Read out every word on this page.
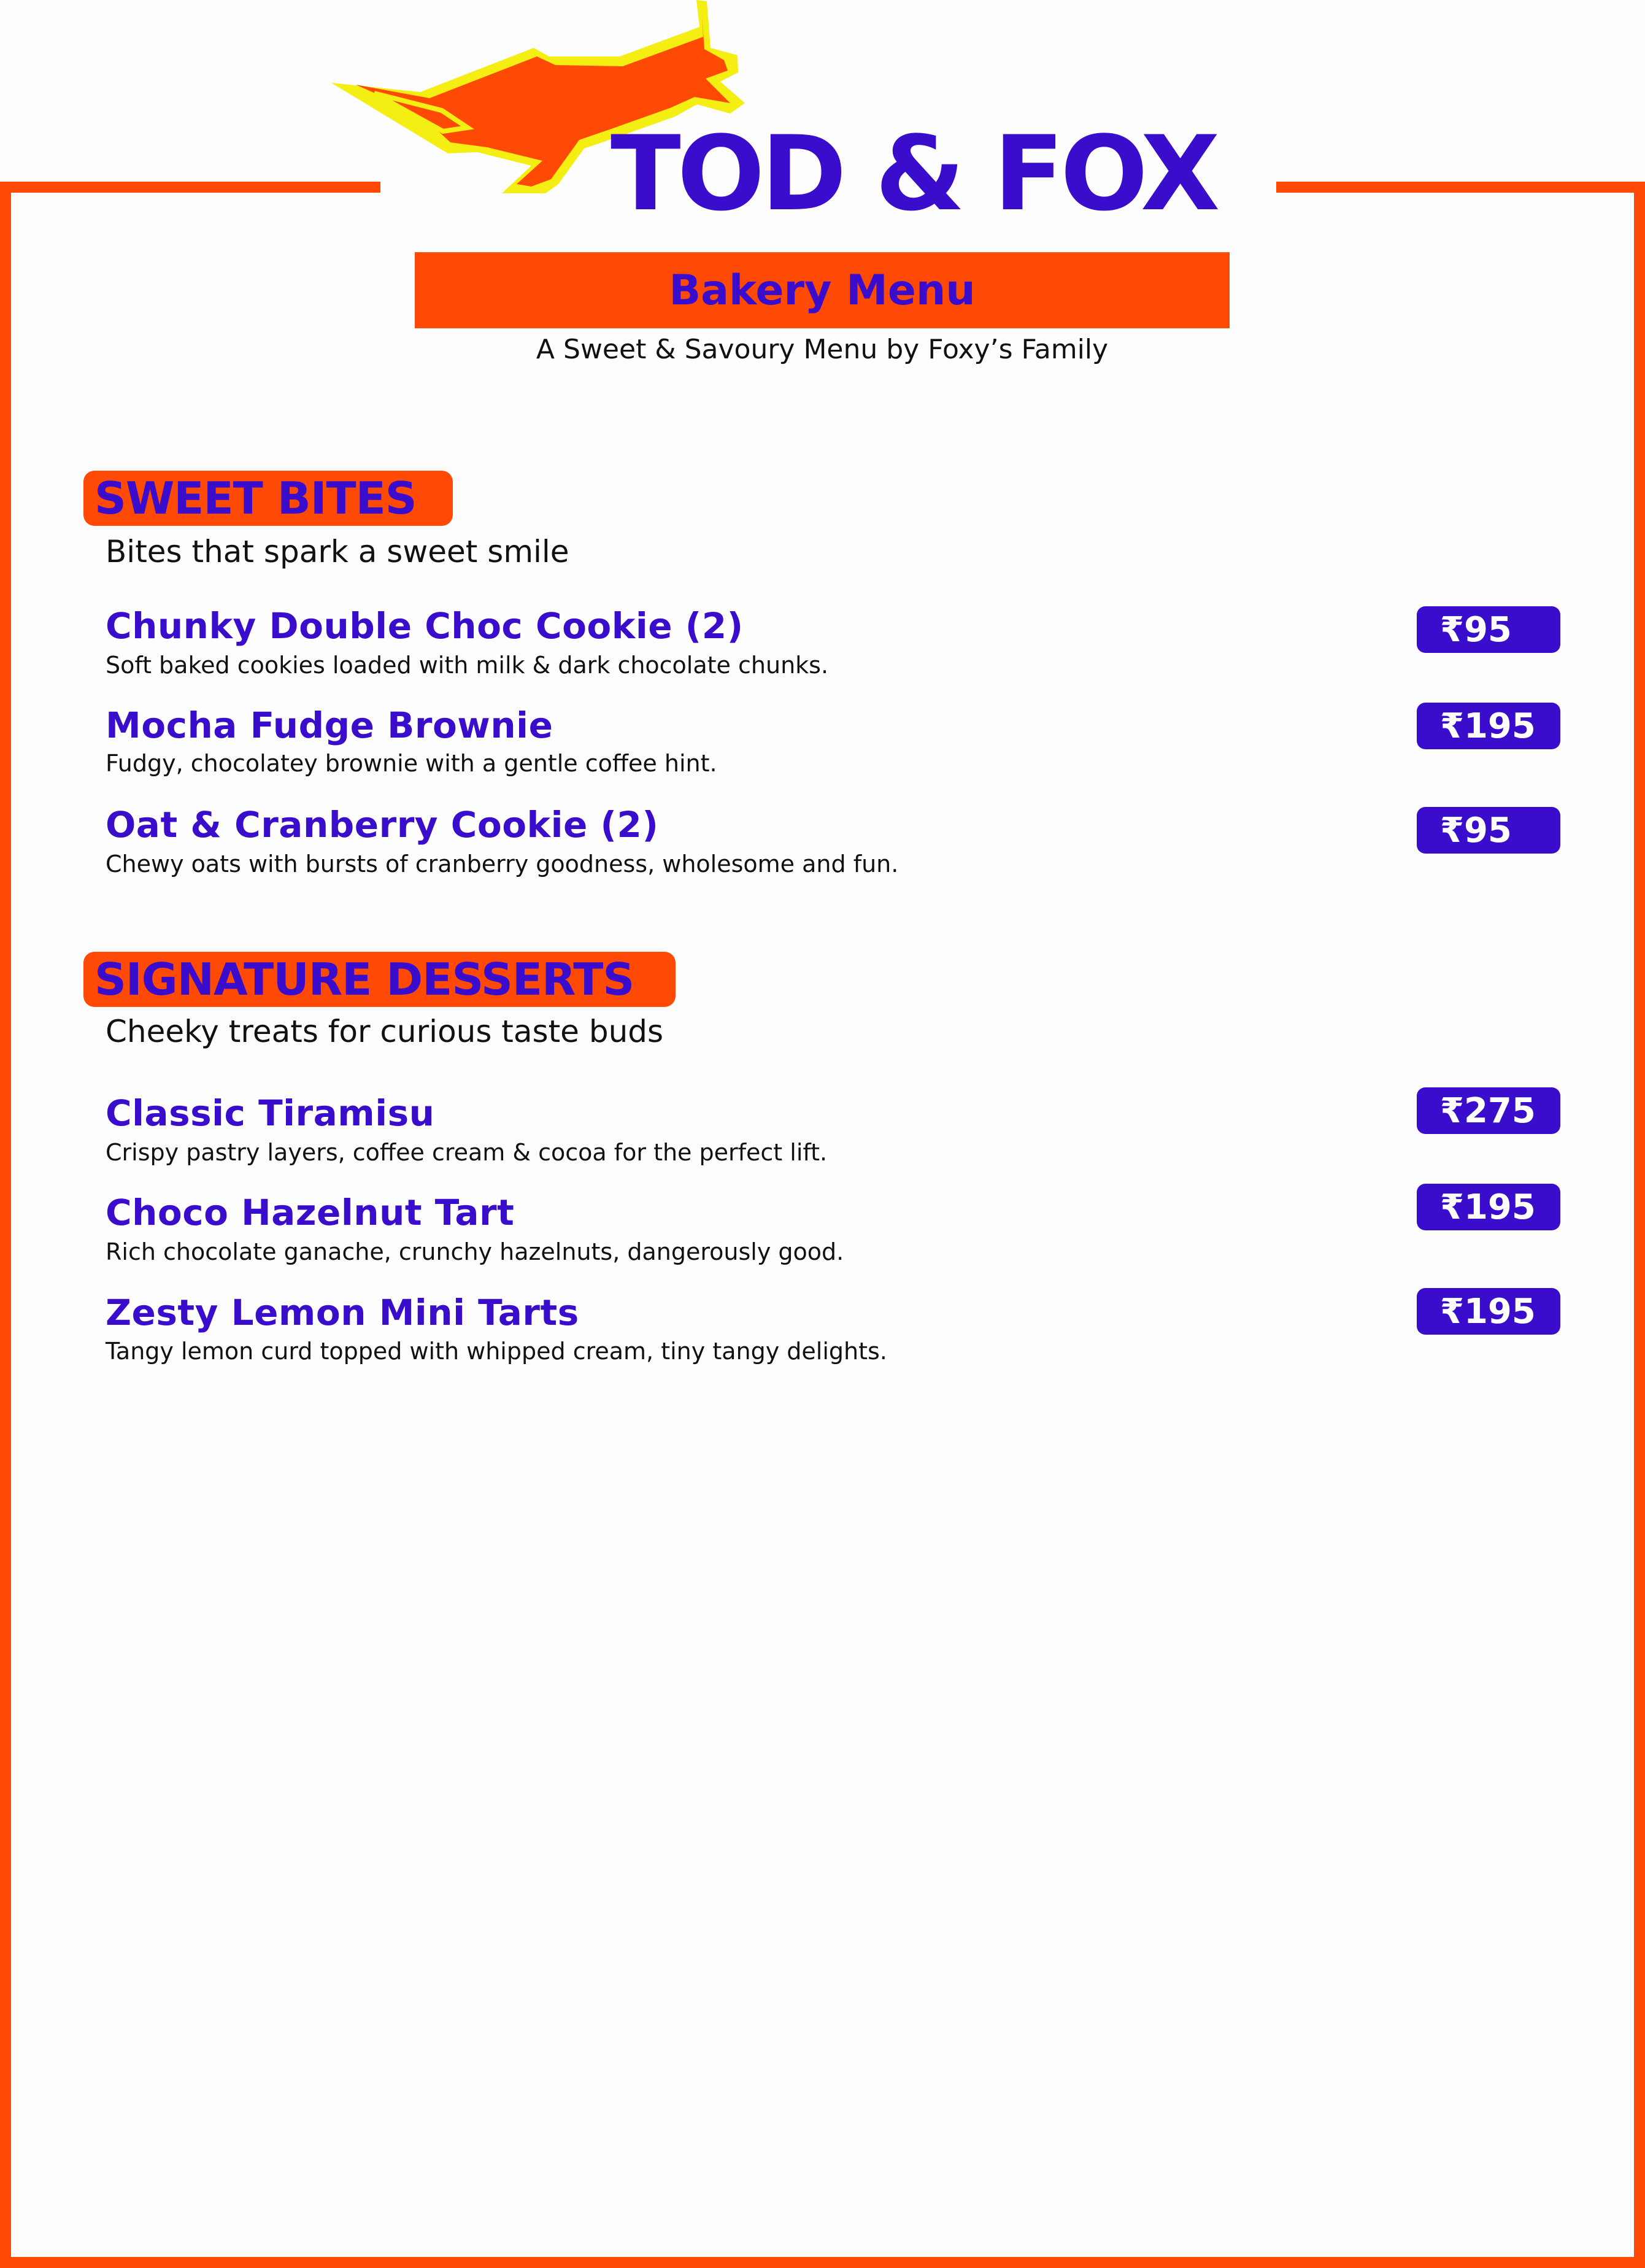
TOD & FOX
Bakery Menu
A Sweet & Savoury Menu by Foxy’s Family
SWEET BITES
Bites that spark a sweet smile
Chunky Double Choc Cookie (2)
Soft baked cookies loaded with milk & dark chocolate chunks.
₹95
Mocha Fudge Brownie
Fudgy, chocolatey brownie with a gentle coffee hint.
₹195
Oat & Cranberry Cookie (2)
Chewy oats with bursts of cranberry goodness, wholesome and fun.
₹95
SIGNATURE DESSERTS
Cheeky treats for curious taste buds
Classic Tiramisu
Crispy pastry layers, coffee cream & cocoa for the perfect lift.
₹275
Choco Hazelnut Tart
Rich chocolate ganache, crunchy hazelnuts, dangerously good.
₹195
Zesty Lemon Mini Tarts
Tangy lemon curd topped with whipped cream, tiny tangy delights.
₹195
